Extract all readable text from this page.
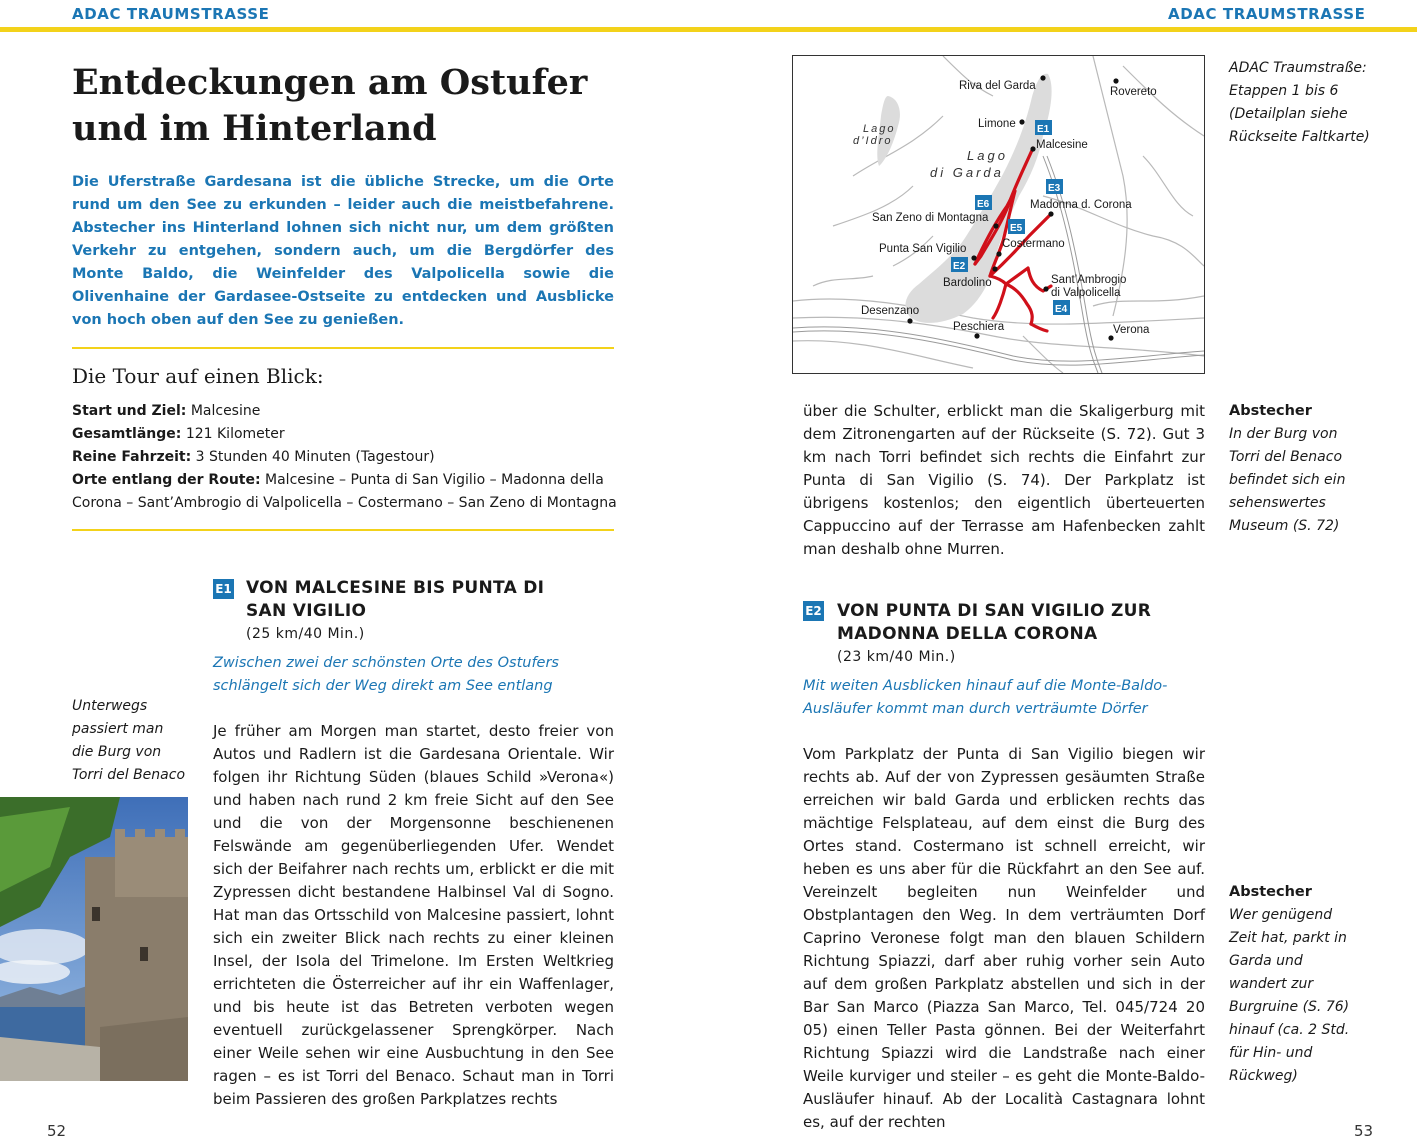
ADAC TRAUMSTRASSE	ADAC TRAUMSTRASSE
Entdeckungen am Ostufer
und im Hinterland
Die Uferstraße Gardesana ist die übliche Strecke, um die Orte rund um den See zu erkunden – leider auch die meistbefahrene. Abstecher ins Hinterland lohnen sich nicht nur, um dem größten Verkehr zu entgehen, sondern auch, um die Bergdörfer des Monte Baldo, die Weinfelder des Valpolicella sowie die Olivenhaine der Gardasee-Ostseite zu entdecken und Ausblicke von hoch oben auf den See zu genießen.
Die Tour auf einen Blick:
Start und Ziel: Malcesine
Gesamtlänge: 121 Kilometer
Reine Fahrzeit: 3 Stunden 40 Minuten (Tagestour)
Orte entlang der Route: Malcesine – Punta di San Vigilio – Madonna della Corona – Sant’Ambrogio di Valpolicella – Costermano – San Zeno di Montagna
E1 VON MALCESINE BIS PUNTA DI SAN VIGILIO
(25 km/40 Min.)
Zwischen zwei der schönsten Orte des Ostufers schlängelt sich der Weg direkt am See entlang
Je früher am Morgen man startet, desto freier von Autos und Radlern ist die Gardesana Orientale. Wir folgen ihr Richtung Süden (blaues Schild »Verona«) und haben nach rund 2 km freie Sicht auf den See und die von der Morgensonne beschienenen Felswände am gegenüberliegenden Ufer. Wendet sich der Beifahrer nach rechts um, erblickt er die mit Zypressen dicht bestandene Halbinsel Val di Sogno. Hat man das Ortsschild von Malcesine passiert, lohnt sich ein zweiter Blick nach rechts zu einer kleinen Insel, der Isola del Trimelone. Im Ersten Weltkrieg errichteten die Österreicher auf ihr ein Waffenlager, und bis heute ist das Betreten verboten wegen eventuell zurückgelassener Sprengkörper. Nach einer Weile sehen wir eine Ausbuchtung in den See ragen – es ist Torri del Benaco. Schaut man in Torri beim Passieren des großen Parkplatzes rechts
Unterwegs passiert man die Burg von Torri del Benaco
52
Riva del Garda	Rovereto
Limone
Malcesine
Madonna d. Corona
San Zeno di Montagna
Costermano
Punta San Vigilio
Bardolino	Sant’Ambrogio
di Valpolicella
Desenzano
Peschiera	Verona
Lago
d’Idro
Lago
di Garda
E1
E2
E3
E4
E5
E6
ADAC Traumstraße: Etappen 1 bis 6 (Detailplan siehe Rückseite Faltkarte)
über die Schulter, erblickt man die Skaligerburg mit dem Zitronengarten auf der Rückseite (S. 72). Gut 3 km nach Torri befindet sich rechts die Einfahrt zur Punta di San Vigilio (S. 74). Der Parkplatz ist übrigens kostenlos; den eigentlich überteuerten Cappuccino auf der Terrasse am Hafenbecken zahlt man deshalb ohne Murren.
Abstecher
In der Burg von Torri del Benaco befindet sich ein sehenswertes Museum (S. 72)
E2 VON PUNTA DI SAN VIGILIO ZUR MADONNA DELLA CORONA
(23 km/40 Min.)
Mit weiten Ausblicken hinauf auf die Monte-Baldo-Ausläufer kommt man durch verträumte Dörfer
Vom Parkplatz der Punta di San Vigilio biegen wir rechts ab. Auf der von Zypressen gesäumten Straße erreichen wir bald Garda und erblicken rechts das mächtige Felsplateau, auf dem einst die Burg des Ortes stand. Costermano ist schnell erreicht, wir heben es uns aber für die Rückfahrt an den See auf. Vereinzelt begleiten nun Weinfelder und Obstplantagen den Weg. In dem verträumten Dorf Caprino Veronese folgt man den blauen Schildern Richtung Spiazzi, darf aber ruhig vorher sein Auto auf dem großen Parkplatz abstellen und sich in der Bar San Marco (Piazza San Marco, Tel. 045/724 20 05) einen Teller Pasta gönnen. Bei der Weiterfahrt Richtung Spiazzi wird die Landstraße nach einer Weile kurviger und steiler – es geht die Monte-Baldo-Ausläufer hinauf. Ab der Località Castagnara lohnt es, auf der rechten
Abstecher
Wer genügend Zeit hat, parkt in Garda und wandert zur Burgruine (S. 76) hinauf (ca. 2 Std. für Hin- und Rückweg)
53
